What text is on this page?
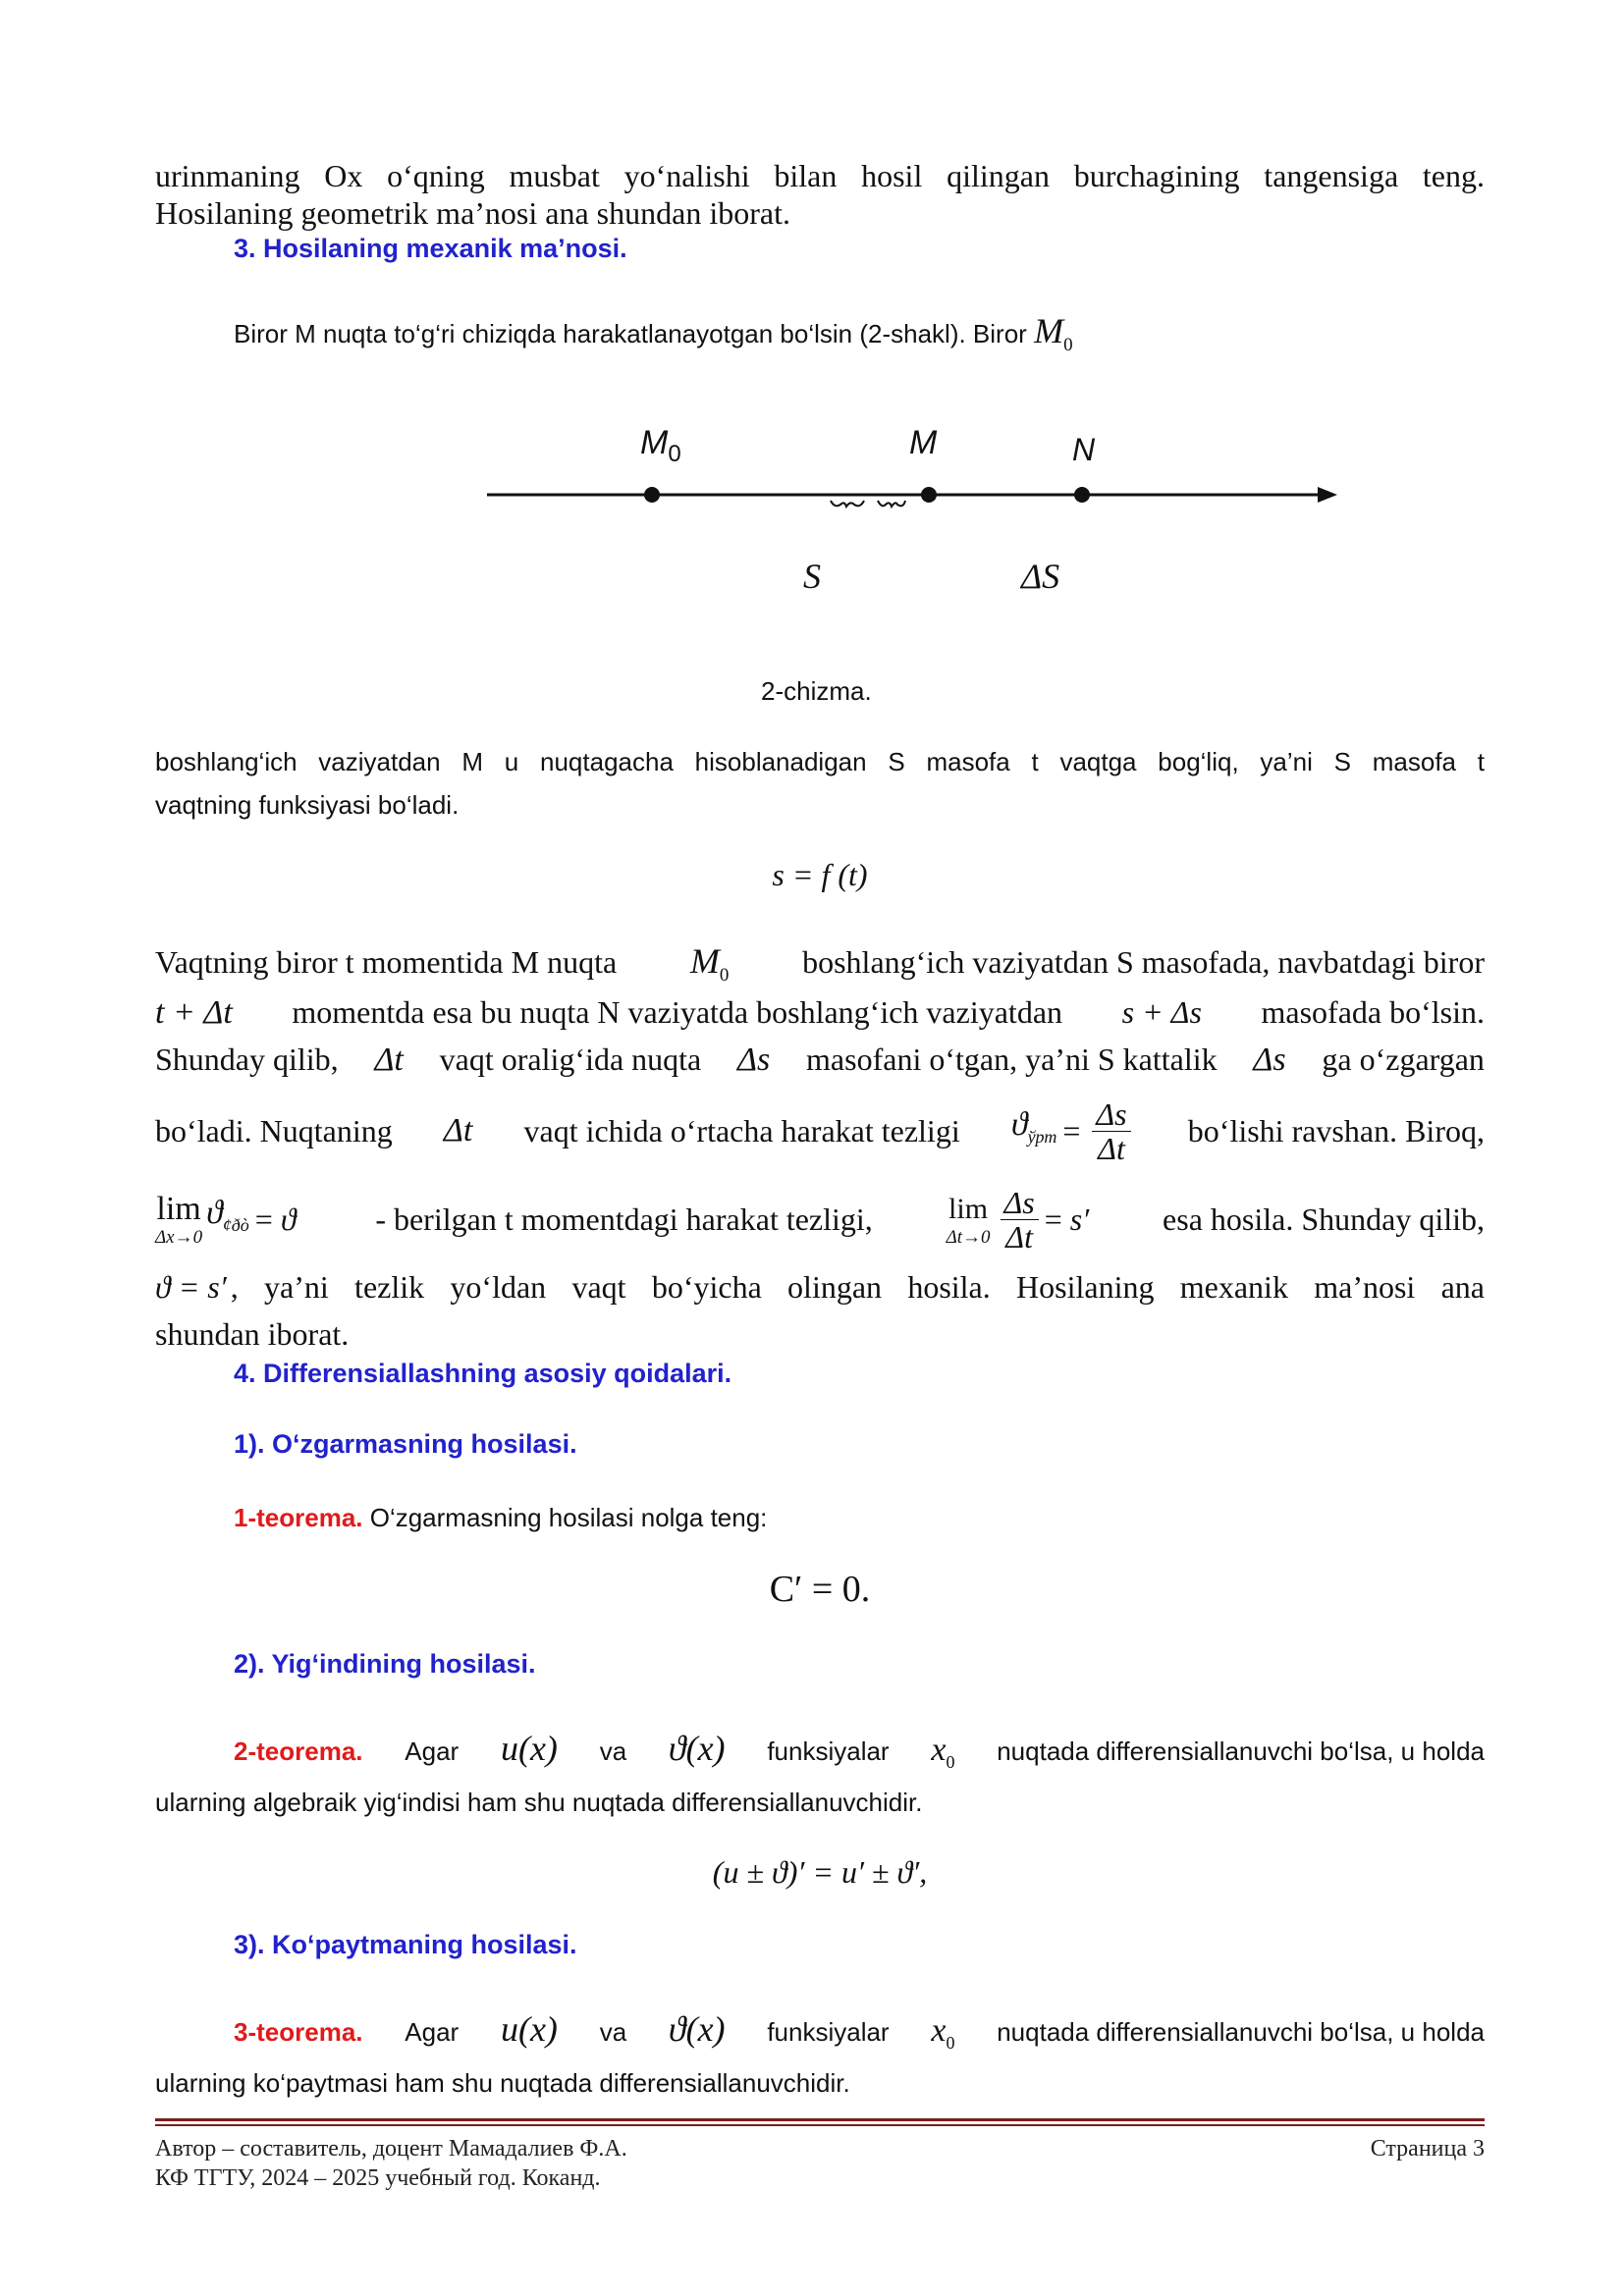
urinmaning Ox o‘qning musbat yo‘nalishi bilan hosil qilingan burchagining tangensiga teng.
Hosilaning geometrik ma’nosi ana shundan iborat.
3. Hosilaning mexanik ma’nosi.
Biror M nuqta to‘g‘ri chiziqda harakatlanayotgan bo‘lsin (2-shakl). Biror $M_0$
$M_0$	M	N
S	ΔS
2-chizma.
boshlang‘ich vaziyatdan M u nuqtagacha hisoblanadigan S masofa t vaqtga bog‘liq, ya’ni S masofa t
vaqtning funksiyasi bo‘ladi.
s = f (t)
Vaqtning biror t momentida M nuqta $M_0$ boshlang‘ich vaziyatdan S masofada, navbatdagi biror
t + Δt momentda esa bu nuqta N vaziyatda boshlang‘ich vaziyatdan s + Δs masofada bo‘lsin.
Shunday qilib, Δt vaqt oralig‘ida nuqta Δs masofani o‘tgan, ya’ni S kattalik Δs ga o‘zgargan
bo‘ladi. Nuqtaning Δt vaqt ichida o‘rtacha harakat tezligi $ϑ_{ўрт} = \frac{\Delta s}{\Delta t}$ bo‘lishi ravshan. Biroq,
lim
Δx→0
$ϑ_{¢ðò} = ϑ$	- berilgan t momentdagi harakat tezligi,	lim
$\Delta t\to 0 \frac{\Delta s}{\Delta t} = s'$ esa hosila. Shunday qilib,
ϑ = s′ , ya’ni tezlik yo‘ldan vaqt bo‘yicha olingan hosila. Hosilaning mexanik ma’nosi ana
shundan iborat.
4. Differensiallashning asosiy qoidalari.
1). O‘zgarmasning hosilasi.
1-teorema. O‘zgarmasning hosilasi nolga teng:
C′ = 0.
2). Yig‘indining hosilasi.
2-teorema. Agar u(x) va ϑ(x) funksiyalar $x_0$ nuqtada differensiallanuvchi bo‘lsa, u holda
ularning algebraik yig‘indisi ham shu nuqtada differensiallanuvchidir.
(u ± ϑ)′ = u′ ± ϑ′,
3). Ko‘paytmaning hosilasi.
3-teorema. Agar u(x) va ϑ(x) funksiyalar $x_0$ nuqtada differensiallanuvchi bo‘lsa, u holda
ularning ko‘paytmasi ham shu nuqtada differensiallanuvchidir.
Автор – составитель, доцент Мамадалиев Ф.А.
КФ ТГТУ, 2024 – 2025 учебный год. Коканд.
Страница 3
